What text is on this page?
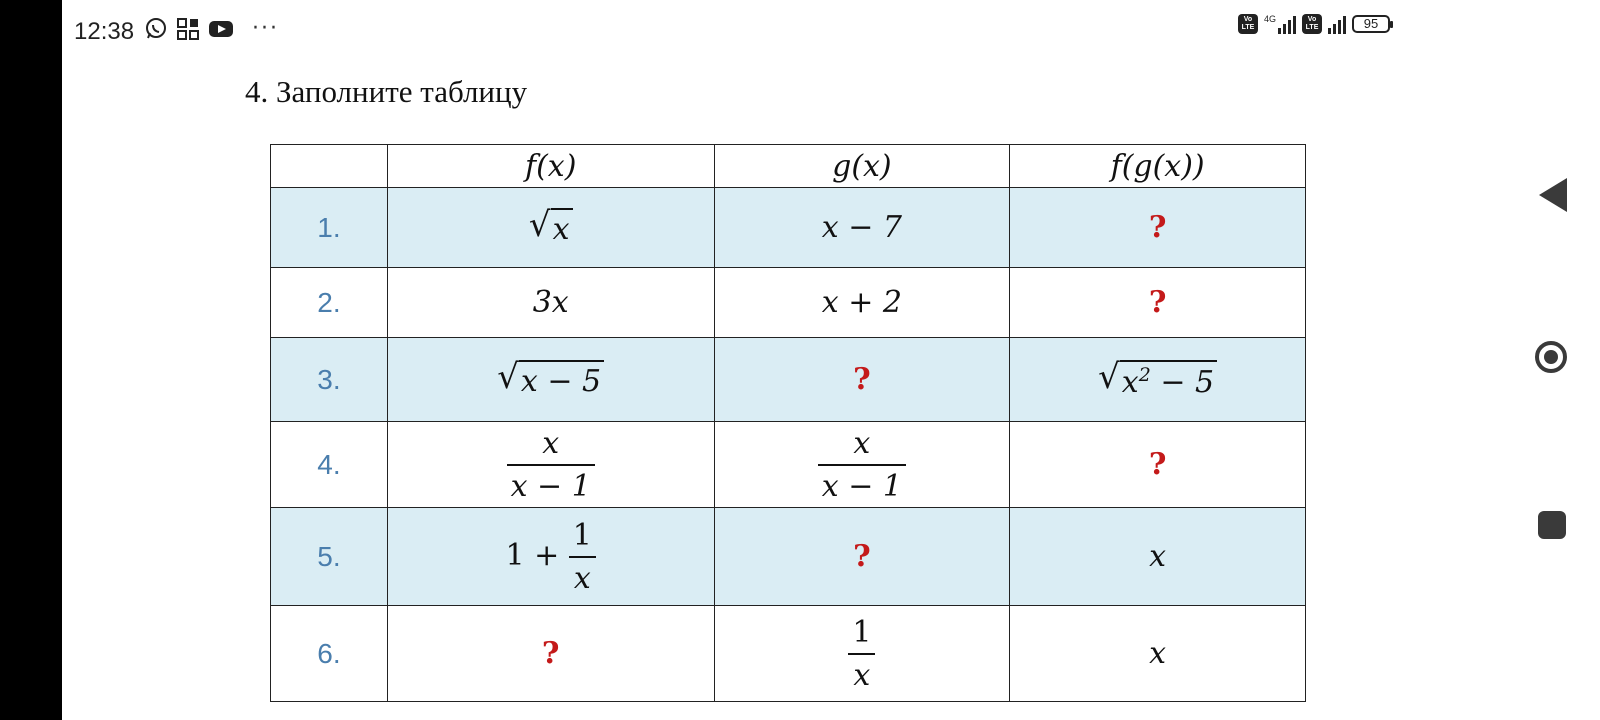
12:38	···	Vo
LTE
4G	Vo
LTE	95
4. Заполните таблицу
	f(x)	g(x)	f(g(x))
1.	√ x	x − 7	?
2.	3x	x + 2	?
3.	√ x − 5	?	√ $x^2 - 5$

4.	$\frac{x}{x - 1}$	$\frac{x}{x - 1}$	?
5.	$1 + \frac{1}{x}$	?	x
6.	?	$\frac{1}{x}$	x
